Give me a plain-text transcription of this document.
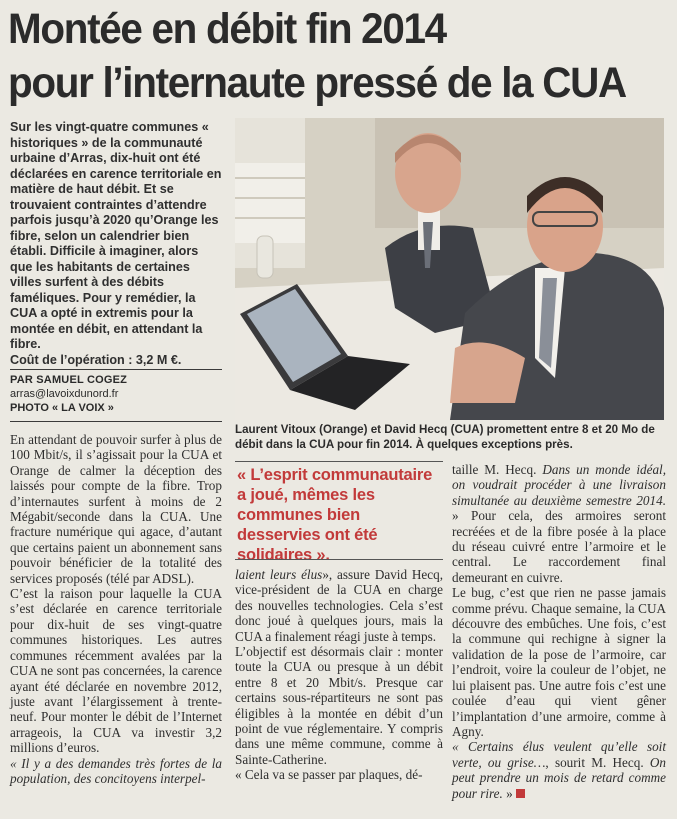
Montée en débit fin 2014
pour l’internaute pressé de la CUA
Sur les vingt-quatre communes « historiques » de la communauté urbaine d’Arras, dix-huit ont été déclarées en carence territoriale en matière de haut débit. Et se trouvaient contraintes d’attendre parfois jusqu’à 2020 qu’Orange les fibre, selon un calendrier bien établi. Difficile à imaginer, alors que les habitants de certaines villes surfent à des débits faméliques. Pour y remédier, la CUA a opté in extremis pour la montée en débit, en attendant la fibre.
Coût de l’opération : 3,2 M €.
PAR SAMUEL COGEZ
arras@lavoixdunord.fr
PHOTO « LA VOIX »
Laurent Vitoux (Orange) et David Hecq (CUA) promettent entre 8 et 20 Mo de débit dans la CUA pour fin 2014. À quelques exceptions près.

En attendant de pouvoir surfer à plus de 100 Mbit/s, il s’agissait pour la CUA et Orange de calmer la déception des laissés pour compte de la fibre. Trop d’internautes surfent à moins de 2 Mégabit/seconde dans la CUA. Une fracture numérique qui agace, d’autant que certains paient un abonnement sans pouvoir bénéficier de la totalité des services proposés (télé par ADSL).

C’est la raison pour laquelle la CUA s’est déclarée en carence territoriale pour dix-huit de ses vingt-quatre communes historiques. Les autres communes récemment avalées par la CUA ne sont pas concernées, la carence ayant été déclarée en novembre 2012, juste avant l’élargissement à trente-neuf. Pour monter le débit de l’Internet arrageois, la CUA va investir 3,2 millions d’euros.

« Il y a des demandes très fortes de la population, des concitoyens interpel-

« L’esprit communautaire a joué, mêmes les communes bien desservies ont été solidaires ».

laient leurs élus», assure David Hecq, vice-président de la CUA en charge des nouvelles technologies. Cela s’est donc joué à quelques jours, mais la CUA a finalement réagi juste à temps.

L’objectif est désormais clair : monter toute la CUA ou presque à un débit entre 8 et 20 Mbit/s. Presque car certains sous-répartiteurs ne sont pas éligibles à la montée en débit d’un point de vue réglementaire. Y compris dans une même commune, comme à Sainte-Catherine.

« Cela va se passer par plaques, dé-

taille M. Hecq. Dans un monde idéal, on voudrait procéder à une livraison simultanée au deuxième semestre 2014. » Pour cela, des armoires seront recréées et de la fibre posée à la place du réseau cuivré entre l’armoire et le central. Le raccordement final demeurant en cuivre.

Le bug, c’est que rien ne passe jamais comme prévu. Chaque semaine, la CUA découvre des embûches. Une fois, c’est la commune qui rechigne à signer la validation de la pose de l’armoire, car l’endroit, voire la couleur de l’objet, ne lui plaisent pas. Une autre fois c’est une coulée d’eau qui vient gêner l’implantation d’une armoire, comme à Agny.

« Certains élus veulent qu’elle soit verte, ou grise…, sourit M. Hecq. On peut prendre un mois de retard comme pour rire. »
